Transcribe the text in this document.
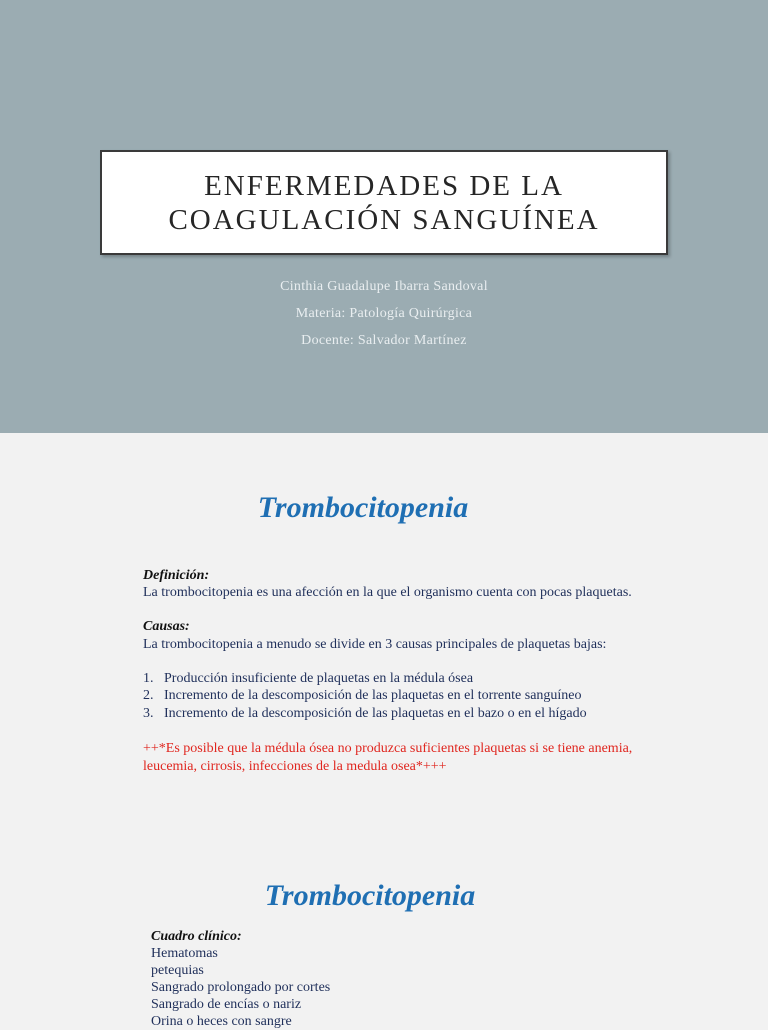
ENFERMEDADES DE LA
COAGULACIÓN SANGUÍNEA
Cinthia Guadalupe Ibarra Sandoval
Materia: Patología Quirúrgica
Docente: Salvador Martínez
Trombocitopenia
Definición:
La trombocitopenia es una afección en la que el organismo cuenta con pocas plaquetas.
Causas:
La trombocitopenia a menudo se divide en 3 causas principales de plaquetas bajas:
1. Producción insuficiente de plaquetas en la médula ósea
2. Incremento de la descomposición de las plaquetas en el torrente sanguíneo
3. Incremento de la descomposición de las plaquetas en el bazo o en el hígado
++*Es posible que la médula ósea no produzca suficientes plaquetas si se tiene anemia,
leucemia, cirrosis, infecciones de la medula osea*+++
Trombocitopenia
Cuadro clínico:
Hematomas
petequias
Sangrado prolongado por cortes
Sangrado de encías o nariz
Orina o heces con sangre
